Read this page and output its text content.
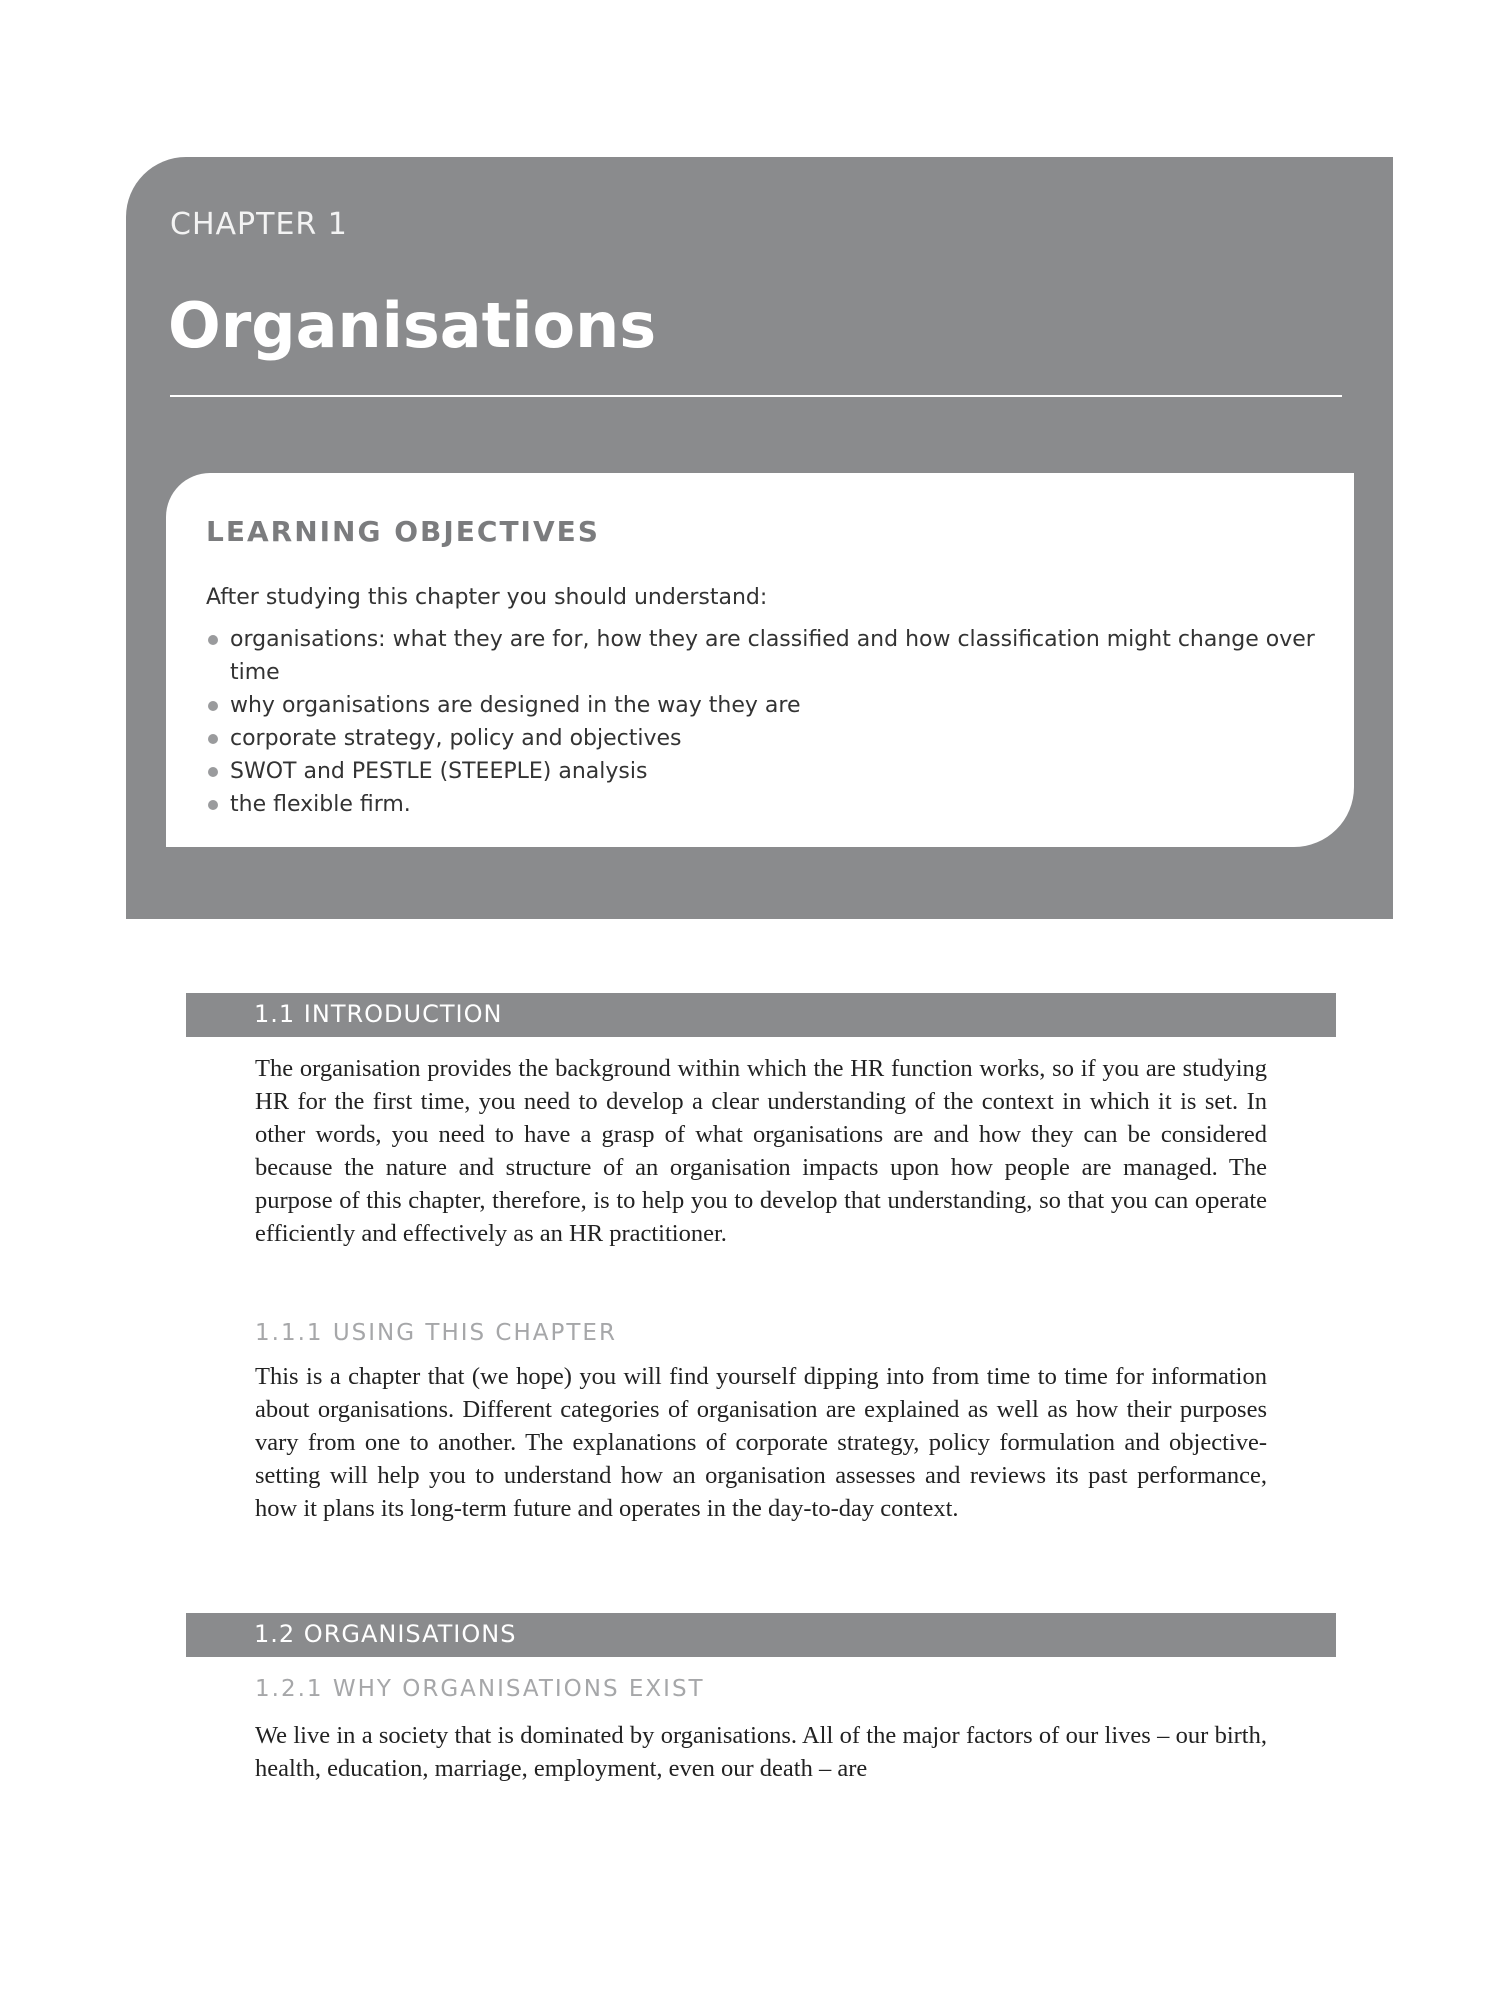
CHAPTER 1
Organisations
LEARNING OBJECTIVES
After studying this chapter you should understand:
organisations: what they are for, how they are classified and how classification might change over time
why organisations are designed in the way they are
corporate strategy, policy and objectives
SWOT and PESTLE (STEEPLE) analysis
the flexible firm.
1.1 INTRODUCTION

The organisation provides the background within which the HR function works, so if you are studying HR for the first time, you need to develop a clear understanding of the context in which it is set. In other words, you need to have a grasp of what organisations are and how they can be considered because the nature and structure of an organisation impacts upon how people are managed. The purpose of this chapter, therefore, is to help you to develop that understanding, so that you can operate efficiently and effectively as an HR practitioner.

1.1.1 USING THIS CHAPTER

This is a chapter that (we hope) you will find yourself dipping into from time to time for information about organisations. Different categories of organisation are explained as well as how their purposes vary from one to another. The explanations of corporate strategy, policy formulation and objective-setting will help you to understand how an organisation assesses and reviews its past performance, how it plans its long-term future and operates in the day-to-day context.

1.2 ORGANISATIONS
1.2.1 WHY ORGANISATIONS EXIST

We live in a society that is dominated by organisations. All of the major factors of our lives – our birth, health, education, marriage, employment, even our death – are
